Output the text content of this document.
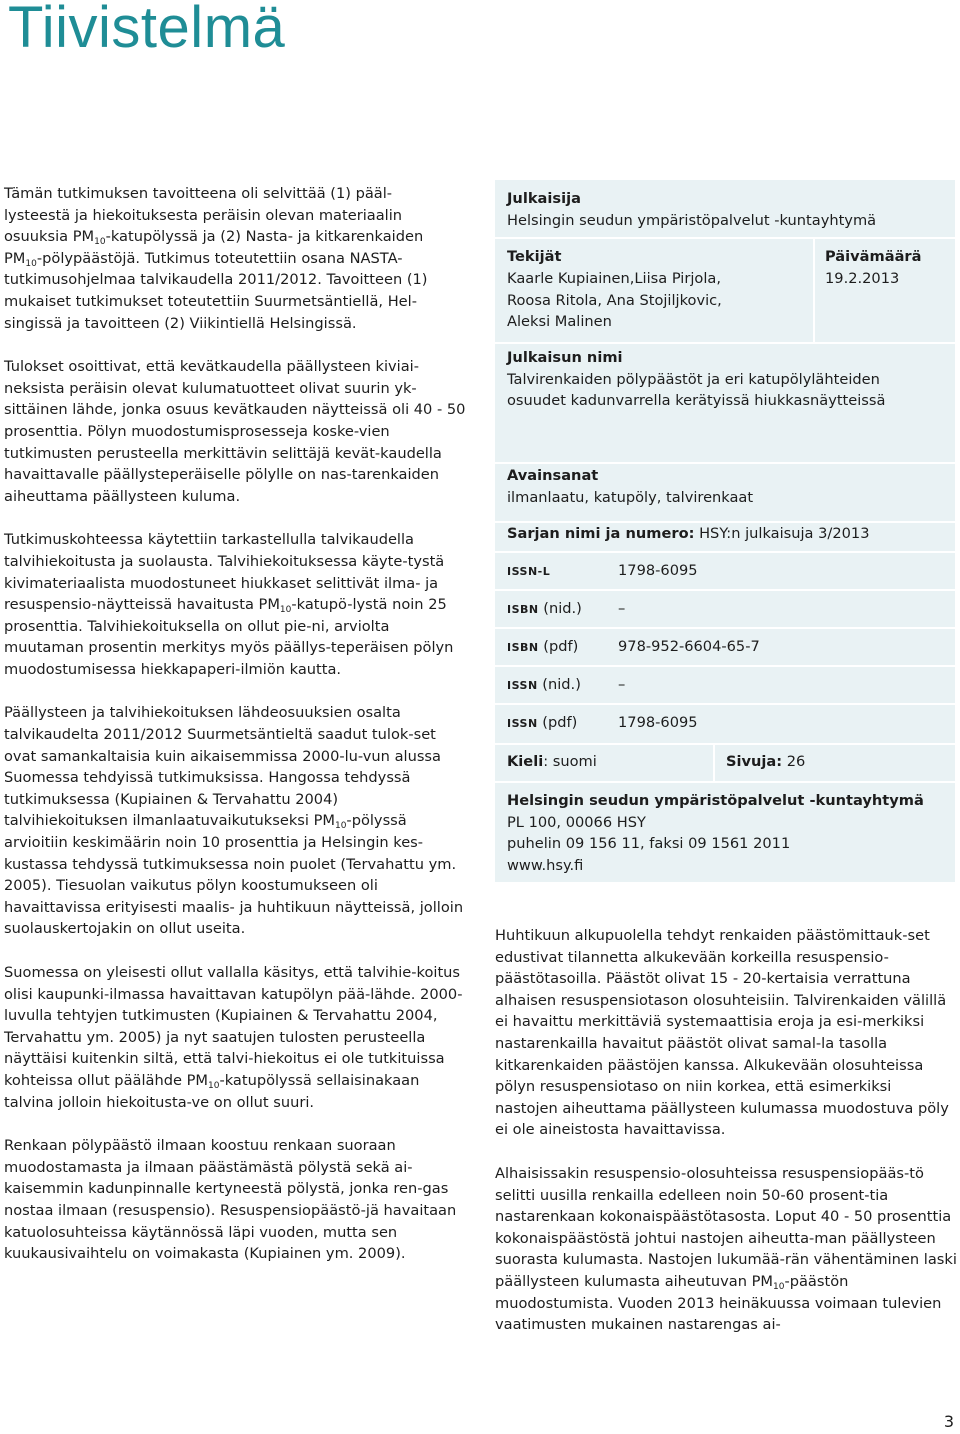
Tiivistelmä

Tämän tutkimuksen tavoitteena oli selvittää (1) pääl-
lysteestä ja hiekoituksesta peräisin olevan materiaalin
osuuksia $PM_{10}$-katupölyssä ja (2) Nasta- ja kitkarenkaiden
$PM_{10}$-pölypäästöjä. Tutkimus toteutettiin osana NASTA-
tutkimusohjelmaa talvikaudella 2011/2012. Tavoitteen (1)
mukaiset tutkimukset toteutettiin Suurmetsäntiellä, Hel-
singissä ja tavoitteen (2) Viikintiellä Helsingissä.

Tulokset osoittivat, että kevätkaudella päällysteen kiviai-neksista peräisin olevat kulumatuotteet olivat suurin yk-sittäinen lähde, jonka osuus kevätkauden näytteissä oli 40 - 50 prosenttia. Pölyn muodostumisprosesseja koske-vien tutkimusten perusteella merkittävin selittäjä kevät-kaudella havaittavalle päällysteperäiselle pölylle on nas-tarenkaiden aiheuttama päällysteen kuluma.

Tutkimuskohteessa käytettiin tarkastellulla talvikaudella talvihiekoitusta ja suolausta. Talvihiekoituksessa käyte-tystä kivimateriaalista muodostuneet hiukkaset selittivät ilma- ja resuspensio-näytteissä havaitusta $PM_{10}-katupö$-lystä noin 25 prosenttia. Talvihiekoituksella on ollut pie-ni, arviolta muutaman prosentin merkitys myös päällys-teperäisen pölyn muodostumisessa hiekkapaperi-ilmiön kautta.

Päällysteen ja talvihiekoituksen lähdeosuuksien osalta talvikaudelta 2011/2012 Suurmetsäntieltä saadut tulok-set ovat samankaltaisia kuin aikaisemmissa 2000-lu-vun alussa Suomessa tehdyissä tutkimuksissa. Hangossa tehdyssä tutkimuksessa (Kupiainen & Tervahattu 2004) talvihiekoituksen ilmanlaatuvaikutukseksi $PM_{10}$-pölyssä arvioitiin keskimäärin noin 10 prosenttia ja Helsingin kes-kustassa tehdyssä tutkimuksessa noin puolet (Tervahattu ym. 2005). Tiesuolan vaikutus pölyn koostumukseen oli havaittavissa erityisesti maalis- ja huhtikuun näytteissä, jolloin suolauskertojakin on ollut useita.

Suomessa on yleisesti ollut vallalla käsitys, että talvihie-koitus olisi kaupunki-ilmassa havaittavan katupölyn pää-lähde. 2000-luvulla tehtyjen tutkimusten (Kupiainen & Tervahattu 2004, Tervahattu ym. 2005) ja nyt saatujen tulosten perusteella näyttäisi kuitenkin siltä, että talvi-hiekoitus ei ole tutkituissa kohteissa ollut päälähde $PM_{10}$-katupölyssä sellaisinakaan talvina jolloin hiekoitusta-ve on ollut suuri.

Renkaan pölypäästö ilmaan koostuu renkaan suoraan muodostamasta ja ilmaan päästämästä pölystä sekä ai-kaisemmin kadunpinnalle kertyneestä pölystä, jonka ren-gas nostaa ilmaan (resuspensio). Resuspensiopäästö-jä havaitaan katuolosuhteissa käytännössä läpi vuoden, mutta sen kuukausivaihtelu on voimakasta (Kupiainen ym. 2009).

Julkaisija
Helsingin seudun ympäristöpalvelut -kuntayhtymä
Tekijät
Kaarle Kupiainen,Liisa Pirjola,
Roosa Ritola, Ana Stojiljkovic,
Aleksi Malinen
Päivämäärä
19.2.2013
Julkaisun nimi
Talvirenkaiden pölypäästöt ja eri katupölylähteiden
osuudet kadunvarrella kerätyissä hiukkasnäytteissä
Avainsanat
ilmanlaatu, katupöly, talvirenkaat
Sarjan nimi ja numero: HSY:n julkaisuja 3/2013
ISSN-L	1798-6095
ISBN (nid.) –
ISBN (pdf)	978-952-6604-65-7
ISSN (nid.)	–
ISSN (pdf)	1798-6095
Kieli: suomi	Sivuja: 26
Helsingin seudun ympäristöpalvelut -kuntayhtymä
PL 100, 00066 HSY
puhelin 09 156 11, faksi 09 1561 2011
www.hsy.fi

Huhtikuun alkupuolella tehdyt renkaiden päästömittauk-set edustivat tilannetta alkukevään korkeilla resuspensio-päästötasoilla. Päästöt olivat 15 - 20-kertaisia verrattuna alhaisen resuspensiotason olosuhteisiin. Talvirenkaiden välillä ei havaittu merkittäviä systemaattisia eroja ja esi-merkiksi nastarenkailla havaitut päästöt olivat samal-la tasolla kitkarenkaiden päästöjen kanssa. Alkukevään olosuhteissa pölyn resuspensiotaso on niin korkea, että esimerkiksi nastojen aiheuttama päällysteen kulumassa muodostuva pöly ei ole aineistosta havaittavissa.

Alhaisissakin resuspensio-olosuhteissa resuspensiopääs-tö selitti uusilla renkailla edelleen noin 50-60 prosent-tia nastarenkaan kokonaispäästötasosta. Loput 40 - 50 prosenttia kokonaispäästöstä johtui nastojen aiheutta-man päällysteen suorasta kulumasta. Nastojen lukumää-rän vähentäminen laski päällysteen kulumasta aiheutuvan $PM_{10}$-päästön muodostumista. Vuoden 2013 heinäkuussa voimaan tulevien vaatimusten mukainen nastarengas ai-

3
